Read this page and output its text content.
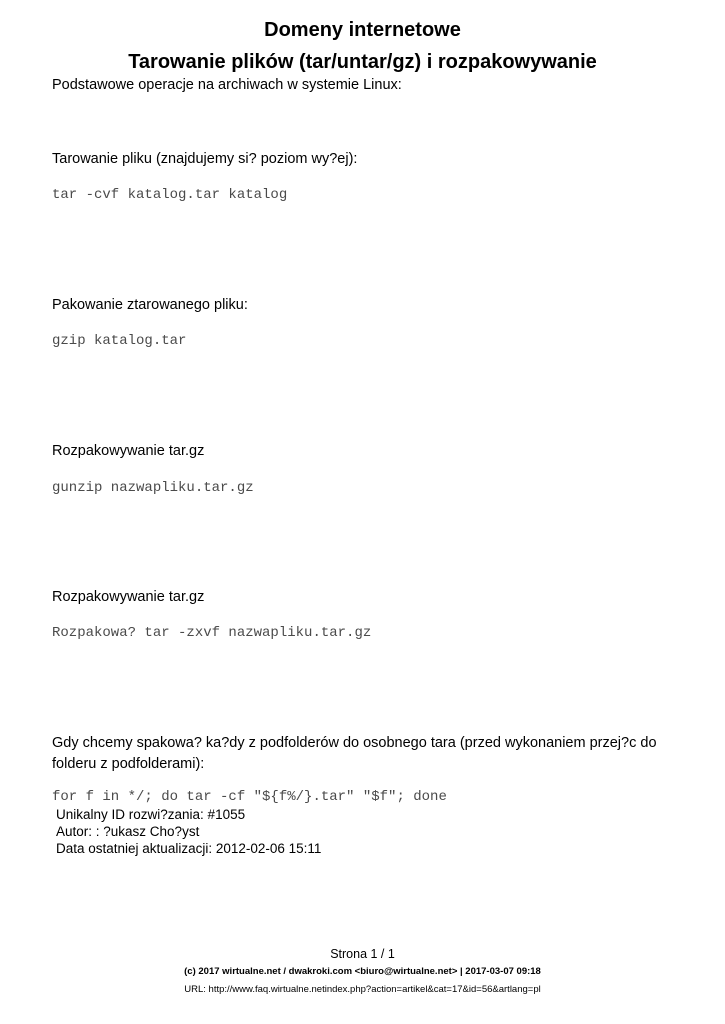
Domeny internetowe
Tarowanie plików (tar/untar/gz) i rozpakowywanie
Podstawowe operacje na archiwach w systemie Linux:
Tarowanie pliku (znajdujemy si? poziom wy?ej):
tar -cvf katalog.tar katalog
Pakowanie ztarowanego pliku:
gzip katalog.tar
Rozpakowywanie tar.gz
gunzip nazwapliku.tar.gz
Rozpakowywanie tar.gz
Rozpakowa? tar -zxvf nazwapliku.tar.gz
Gdy chcemy spakowa? ka?dy z podfolderów do osobnego tara (przed wykonaniem przej?c do folderu z podfolderami):
for f in */; do tar -cf "${f%/}.tar" "$f"; done
Unikalny ID rozwi?zania: #1055
Autor: : ?ukasz Cho?yst
Data ostatniej aktualizacji: 2012-02-06 15:11
Strona 1 / 1
(c) 2017 wirtualne.net / dwakroki.com <biuro@wirtualne.net> | 2017-03-07 09:18
URL: http://www.faq.wirtualne.netindex.php?action=artikel&cat=17&id=56&artlang=pl
